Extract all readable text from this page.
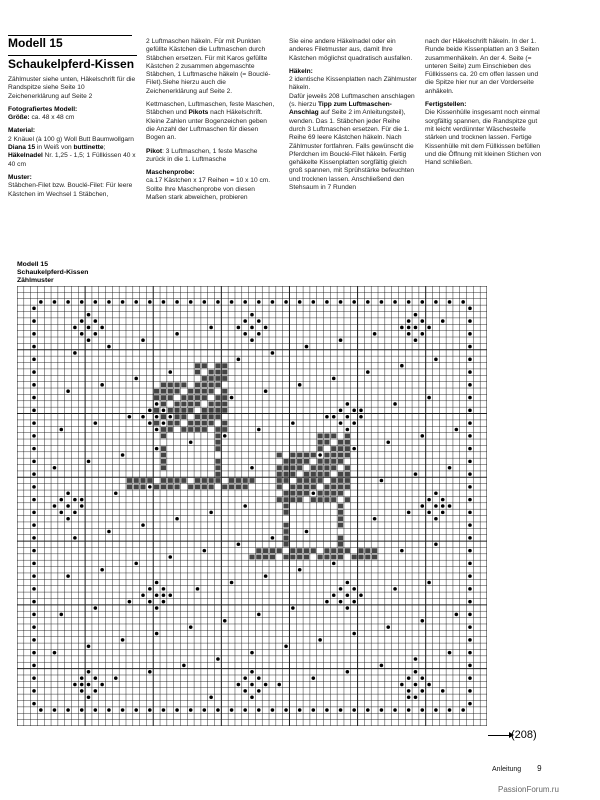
Modell 15

Schaukelpferd-Kissen

Zählmuster siehe unten, Häkelschrift für die Randspitze siehe Seite 10 Zeichenerklärung auf Seite 2

Fotografiertes Modell:
Größe: ca. 48 x 48 cm

Material:
2 Knäuel (à 100 g) Woll Butt Baumwollgarn Diana 15 in Weiß von buttinette; Häkelnadel Nr. 1,25 - 1,5; 1 Füllkissen 40 x 40 cm

Muster:
Stäbchen-Filet bzw. Bouclé-Filet: Für leere Kästchen im Wechsel 1 Stäbchen,

2 Luftmaschen häkeln. Für mit Punkten gefüllte Kästchen die Luftmaschen durch Stäbchen ersetzen. Für mit Karos gefüllte Kästchen 2 zusammen abgemaschte Stäbchen, 1 Luftmasche häkeln (= Bouclé-Filet).Siehe hierzu auch die Zeichenerklärung auf Seite 2.

Kettmaschen, Luftmaschen, feste Maschen, Stäbchen und Pikots nach Häkelschrift. Kleine Zahlen unter Bogenzeichen geben die Anzahl der Luftmaschen für diesen Bogen an.

Pikot: 3 Luftmaschen, 1 feste Masche zurück in die 1. Luftmasche

Maschenprobe:
ca.17 Kästchen x 17 Reihen = 10 x 10 cm. Sollte Ihre Maschenprobe von diesen Maßen stark abweichen, probieren

Sie eine andere Häkelnadel oder ein anderes Filetmuster aus, damit Ihre Kästchen möglichst quadratisch ausfallen.

Häkeln:
2 identische Kissenplatten nach Zählmuster häkeln.
Dafür jeweils 208 Luftmaschen anschlagen (s. hierzu Tipp zum Luftmaschen-Anschlag auf Seite 2 im Anleitungsteil), wenden. Das 1. Stäbchen jeder Reihe durch 3 Luftmaschen ersetzen. Für die 1. Reihe 69 leere Kästchen häkeln. Nach Zählmuster fortfahren. Falls gewünscht die Pferdchen im Bouclé-Filet häkeln. Fertig gehäkelte Kissenplatten sorgfältig gleich groß spannen, mit Sprühstärke befeuchten und trocknen lassen. Anschließend den Stehsaum in 7 Runden

nach der Häkelschrift häkeln. In der 1. Runde beide Kissenplatten an 3 Seiten zusammenhäkeln. An der 4. Seite (= unteren Seite) zum Einschieben des Füllkissens ca. 20 cm offen lassen und die Spitze hier nur an der Vorderseite anhäkeln.

Fertigstellen:
Die Kissenhülle insgesamt noch einmal sorgfältig spannen, die Randspitze gut mit leicht verdünnter Wäschesteife stärken und trocknen lassen. Fertige Kissenhülle mit dem Füllkissen befüllen und die Öffnung mit kleinen Stichen von Hand schließen.

Modell 15
Schaukelpferd-Kissen
Zählmuster
(208)
Anleitung 9
PassionForum.ru
